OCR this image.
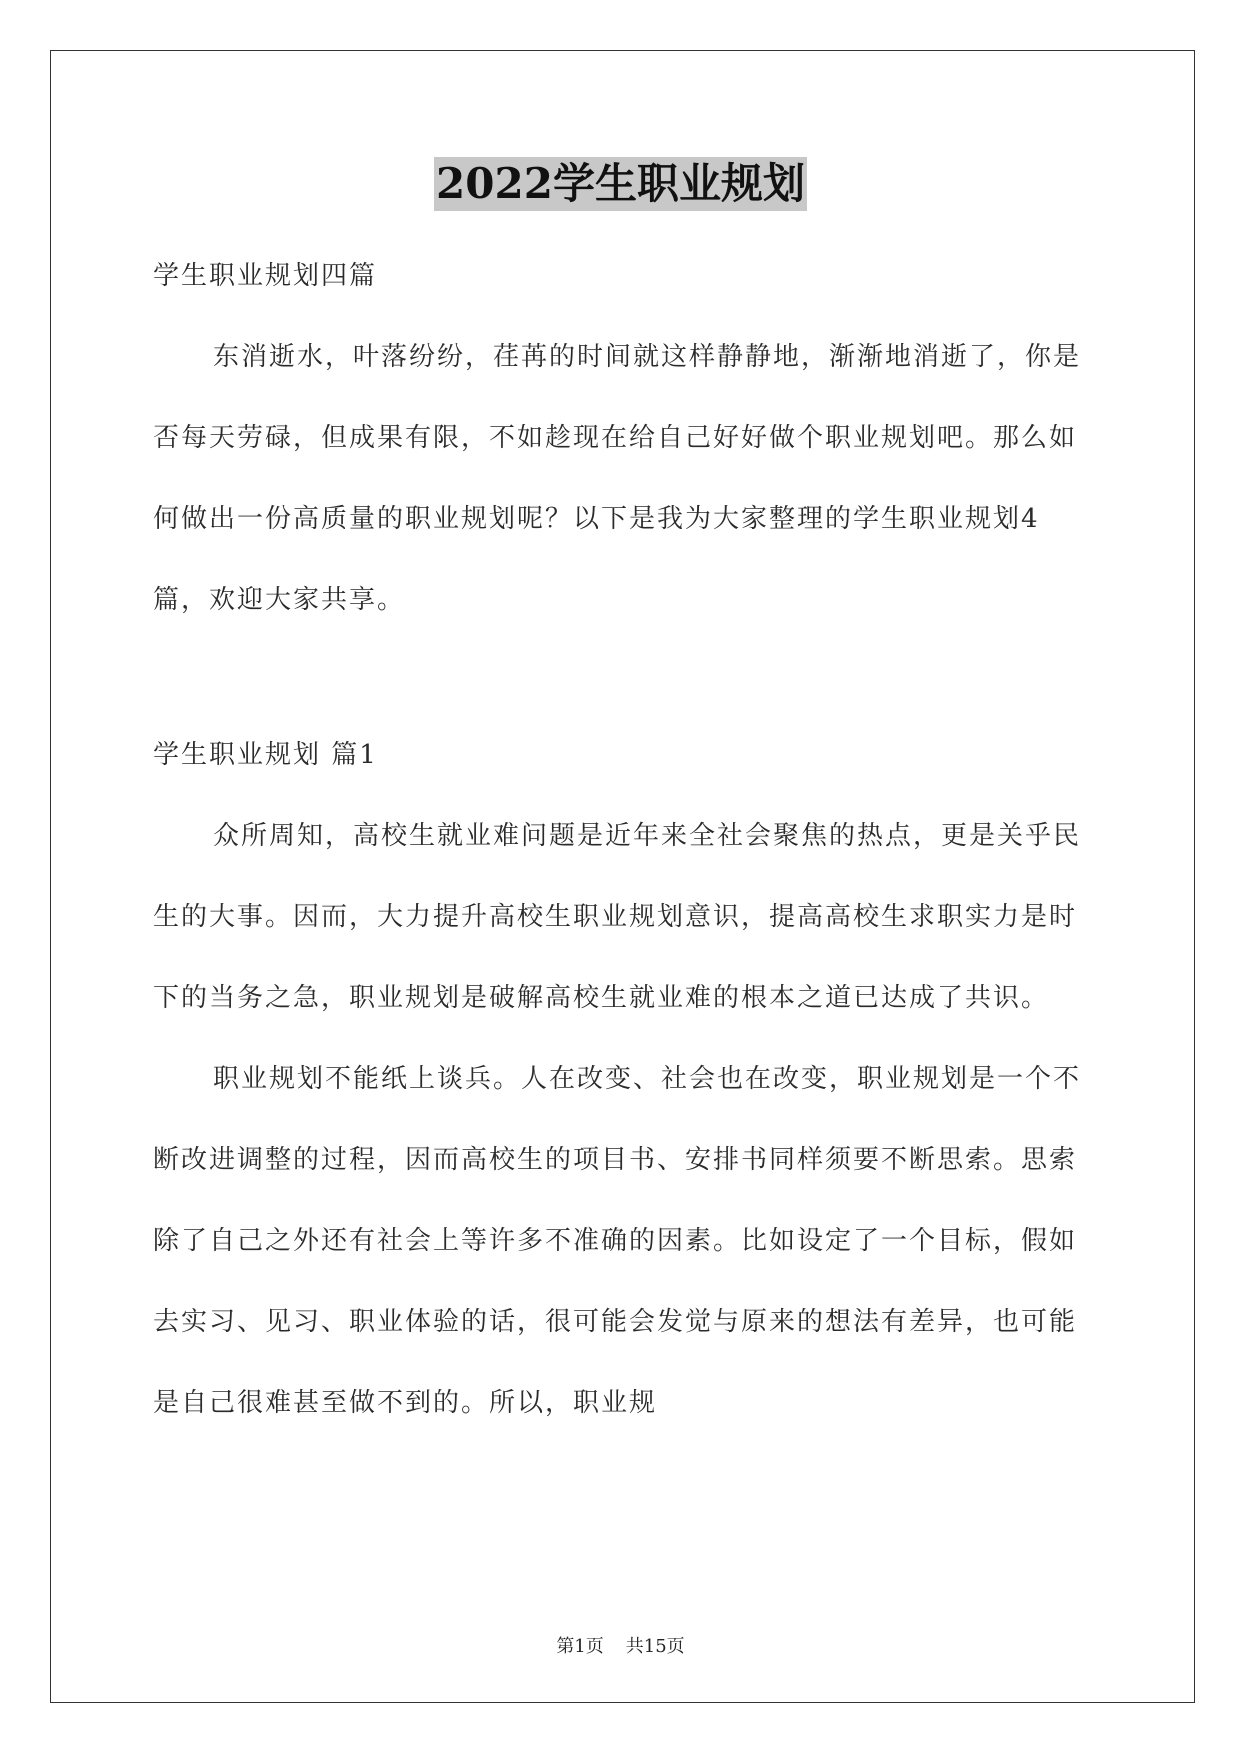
2022学生职业规划

学生职业规划四篇

东消逝水，叶落纷纷，荏苒的时间就这样静静地，渐渐地消逝了，你是否每天劳碌，但成果有限，不如趁现在给自己好好做个职业规划吧。那么如何做出一份高质量的职业规划呢？以下是我为大家整理的学生职业规划4篇，欢迎大家共享。

学生职业规划 篇1

众所周知，高校生就业难问题是近年来全社会聚焦的热点，更是关乎民生的大事。因而，大力提升高校生职业规划意识，提高高校生求职实力是时下的当务之急，职业规划是破解高校生就业难的根本之道已达成了共识。

职业规划不能纸上谈兵。人在改变、社会也在改变，职业规划是一个不断改进调整的过程，因而高校生的项目书、安排书同样须要不断思索。思索除了自己之外还有社会上等许多不准确的因素。比如设定了一个目标，假如去实习、见习、职业体验的话，很可能会发觉与原来的想法有差异，也可能是自己很难甚至做不到的。所以，职业规

第1页 共15页
